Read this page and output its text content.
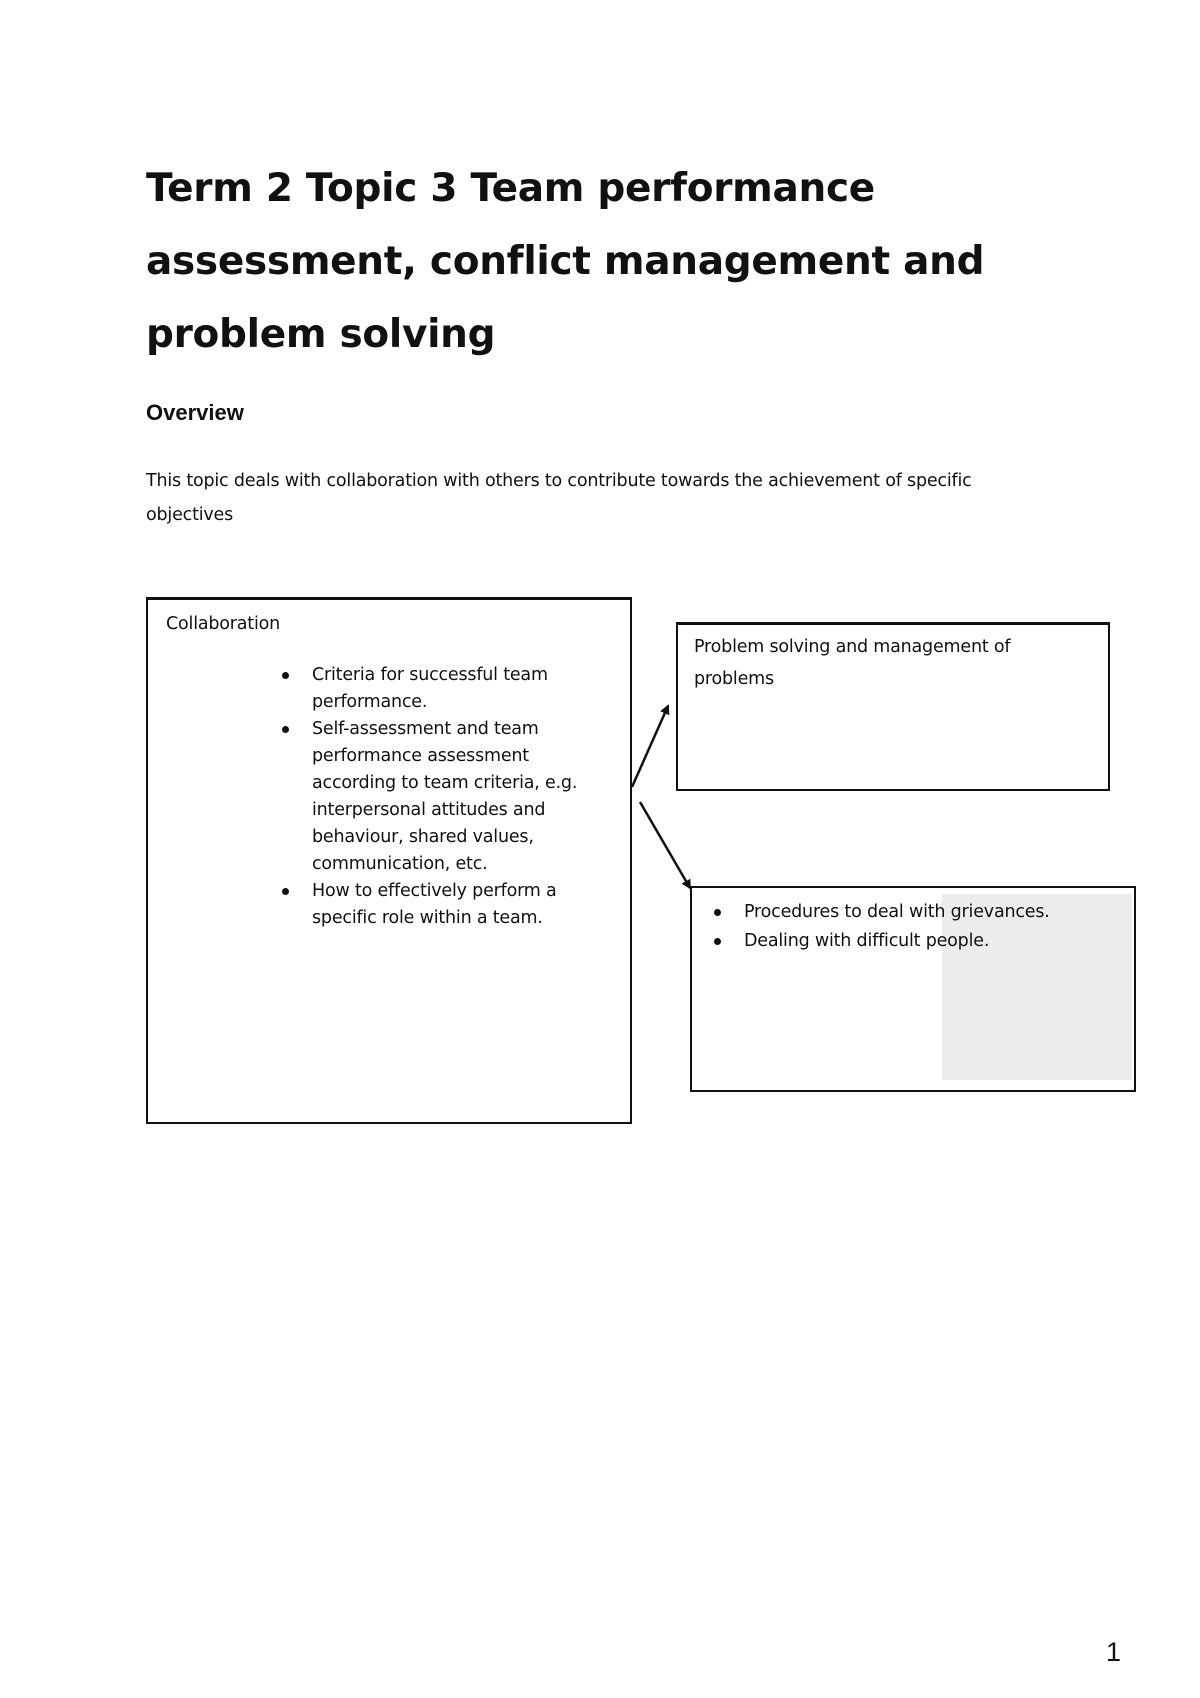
Term 2 Topic 3 Team performance assessment, conflict management and problem solving
Overview

This topic deals with collaboration with others to contribute towards the achievement of specific objectives

Collaboration

Criteria for successful team performance.
Self-assessment and team performance assessment according to team criteria, e.g. interpersonal attitudes and behaviour, shared values, communication, etc.
How to effectively perform a specific role within a team.

Problem solving and management of problems

Procedures to deal with grievances.
Dealing with difficult people.
1
